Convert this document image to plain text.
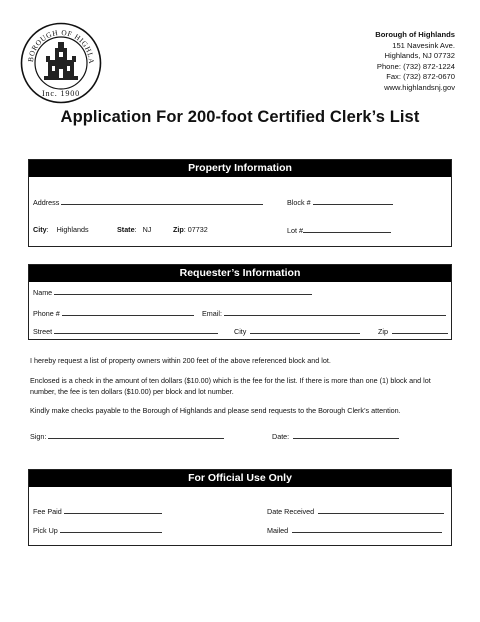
BOROUGH OF HIGHLA
Inc. 1900
Borough of Highlands
151 Navesink Ave.
Highlands, NJ 07732
Phone: (732) 872-1224
Fax: (732) 872-0670
www.highlandsnj.gov
Application For 200-foot Certified Clerk’s List
Property Information
Address	Block #
City:    Highlands	State:   NJ	Zip: 07732	Lot #
Requester’s Information
Name
Phone #	Email:
Street	City	Zip
I hereby request a list of property owners within 200 feet of the above referenced block and lot.
Enclosed is a check in the amount of ten dollars ($10.00) which is the fee for the list. If there is more than one (1) block and lot number, the fee is ten dollars ($10.00) per block and lot number.
Kindly make checks payable to the Borough of Highlands and please send requests to the Borough Clerk’s attention.
Sign:	Date:
For Official Use Only
Fee Paid	Date Received
Pick Up	Mailed
